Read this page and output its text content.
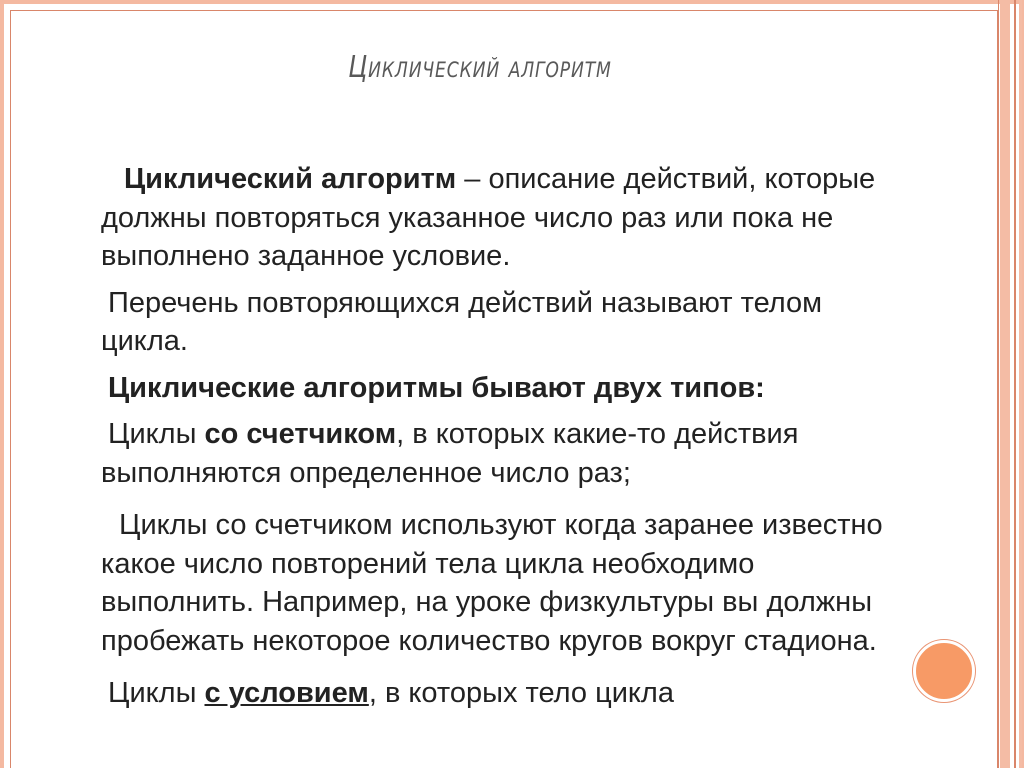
Циклический алгоритм

Циклический алгоритм – описание действий, которые должны повторяться указанное число раз или пока не выполнено заданное условие.

Перечень повторяющихся действий называют телом цикла.

Циклические алгоритмы бывают двух типов:

Циклы со счетчиком, в которых какие-то действия выполняются определенное число раз;

Циклы со счетчиком используют когда заранее известно какое число повторений тела цикла необходимо выполнить. Например, на уроке физкультуры вы должны пробежать некоторое количество кругов вокруг стадиона.

Циклы с условием, в которых тело цикла
